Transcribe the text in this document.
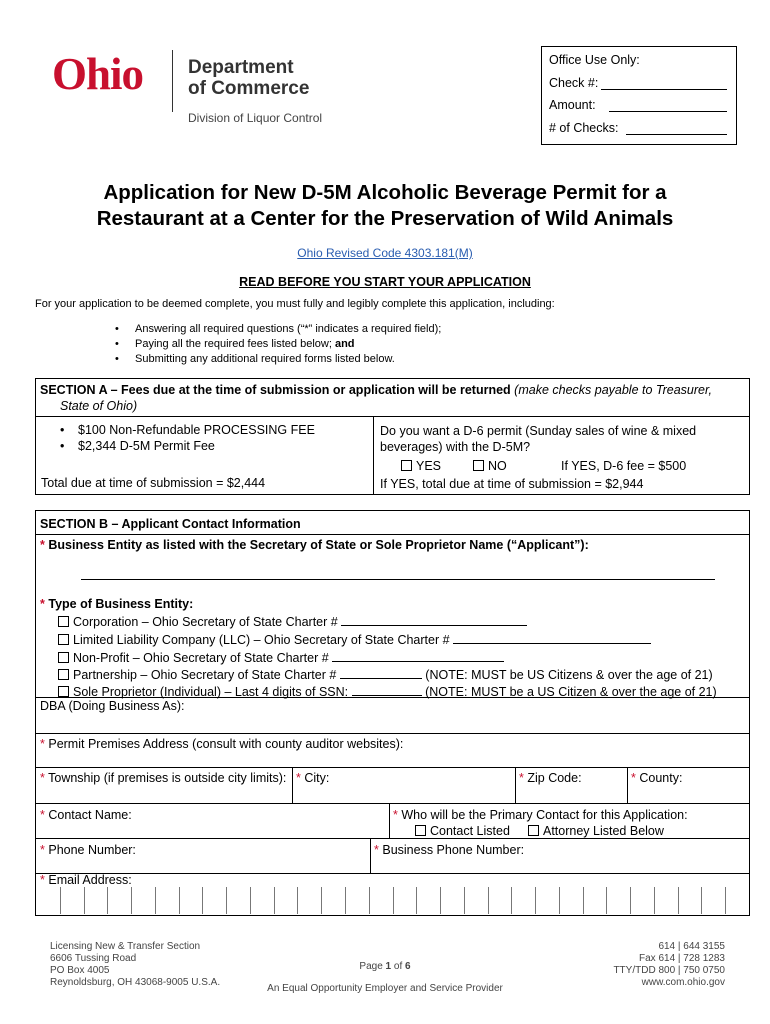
Ohio Department
of Commerce
Division of Liquor Control
Office Use Only:
Check #:
Amount:
# of Checks:
Application for New D-5M Alcoholic Beverage Permit for a
Restaurant at a Center for the Preservation of Wild Animals
Ohio Revised Code 4303.181(M)
READ BEFORE YOU START YOUR APPLICATION
For your application to be deemed complete, you must fully and legibly complete this application, including:
• Answering all required questions (“*” indicates a required field);
• Paying all the required fees listed below; and
• Submitting any additional required forms listed below.
SECTION A – Fees due at the time of submission or application will be returned (make checks payable to Treasurer,
State of Ohio)
• $100 Non-Refundable PROCESSING FEE
• $2,344 D-5M Permit Fee
Total due at time of submission = $2,444
Do you want a D-6 permit (Sunday sales of wine & mixed
beverages) with the D-5M?
YES	NO	If YES, D-6 fee = $500
If YES, total due at time of submission = $2,944
SECTION B – Applicant Contact Information
* Business Entity as listed with the Secretary of State or Sole Proprietor Name (“Applicant”):
* Type of Business Entity:
Corporation – Ohio Secretary of State Charter #
Limited Liability Company (LLC) – Ohio Secretary of State Charter #
Non-Profit – Ohio Secretary of State Charter #
Partnership – Ohio Secretary of State Charter #	(NOTE: MUST be US Citizens & over the age of 21)
Sole Proprietor (Individual) – Last 4 digits of SSN:	(NOTE: MUST be a US Citizen & over the age of 21)
DBA (Doing Business As):
* Permit Premises Address (consult with county auditor websites):
* Township (if premises is outside city limits): * City:	* Zip Code:	* County:
* Contact Name:	* Who will be the Primary Contact for this Application:
Contact Listed	Attorney Listed Below
* Phone Number:	* Business Phone Number:
* Email Address:
Licensing New & Transfer Section
6606 Tussing Road
PO Box 4005
Reynoldsburg, OH 43068-9005 U.S.A.
Page 1 of 6
An Equal Opportunity Employer and Service Provider
614 | 644 3155
Fax 614 | 728 1283
TTY/TDD 800 | 750 0750
www.com.ohio.gov
